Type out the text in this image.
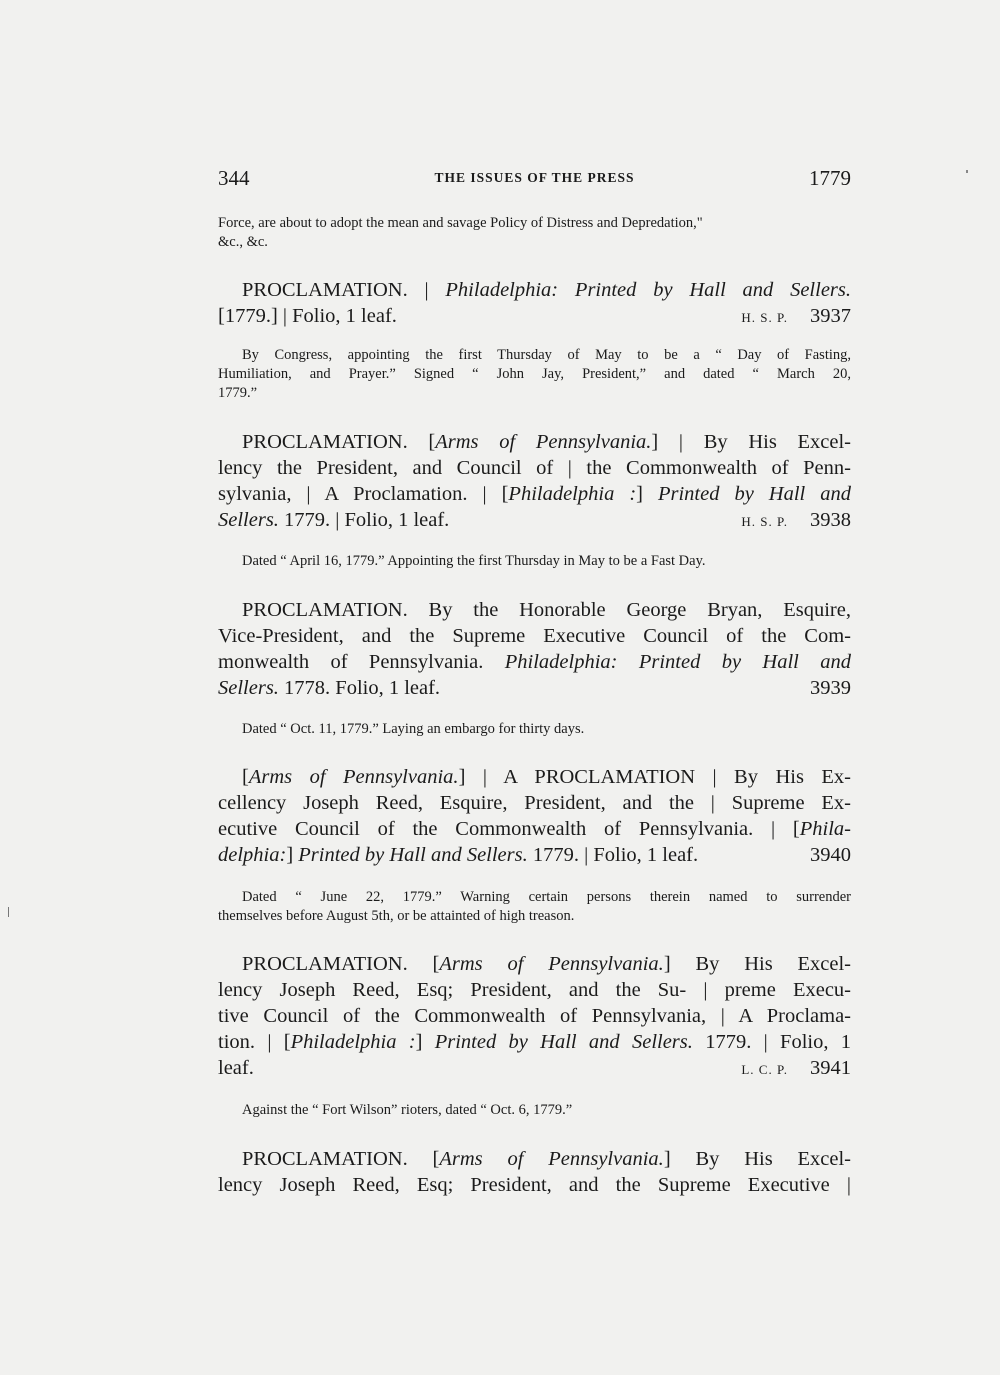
344	THE ISSUES OF THE PRESS	1779
Force, are about to adopt the mean and savage Policy of Distress and Depredation,"
&c., &c.
PROCLAMATION. | Philadelphia: Printed by Hall and Sellers.
[1779.] | Folio, 1 leaf.	H. S. P. 3937
By Congress, appointing the first Thursday of May to be a “ Day of Fasting,
Humiliation, and Prayer.” Signed “ John Jay, President,” and dated “ March 20,
1779.”
PROCLAMATION. [Arms of Pennsylvania.] | By His Excel-
lency the President, and Council of | the Commonwealth of Penn-
sylvania, | A Proclamation. | [Philadelphia :] Printed by Hall and
Sellers. 1779. | Folio, 1 leaf.	H. S. P. 3938
Dated “ April 16, 1779.” Appointing the first Thursday in May to be a Fast Day.
PROCLAMATION. By the Honorable George Bryan, Esquire,
Vice-President, and the Supreme Executive Council of the Com-
monwealth of Pennsylvania. Philadelphia: Printed by Hall and
Sellers. 1778. Folio, 1 leaf.	3939
Dated “ Oct. 11, 1779.” Laying an embargo for thirty days.
[Arms of Pennsylvania.] | A PROCLAMATION | By His Ex-
cellency Joseph Reed, Esquire, President, and the | Supreme Ex-
ecutive Council of the Commonwealth of Pennsylvania. | [Phila-
delphia:] Printed by Hall and Sellers. 1779. | Folio, 1 leaf.	3940
Dated “ June 22, 1779.” Warning certain persons therein named to surrender
themselves before August 5th, or be attainted of high treason.
PROCLAMATION. [Arms of Pennsylvania.] By His Excel-
lency Joseph Reed, Esq; President, and the Su- | preme Execu-
tive Council of the Commonwealth of Pennsylvania, | A Proclama-
tion. | [Philadelphia :] Printed by Hall and Sellers. 1779. | Folio, 1
leaf.	L. C. P. 3941
Against the “ Fort Wilson” rioters, dated “ Oct. 6, 1779.”
PROCLAMATION. [Arms of Pennsylvania.] By His Excel-
lency Joseph Reed, Esq; President, and the Supreme Executive |
